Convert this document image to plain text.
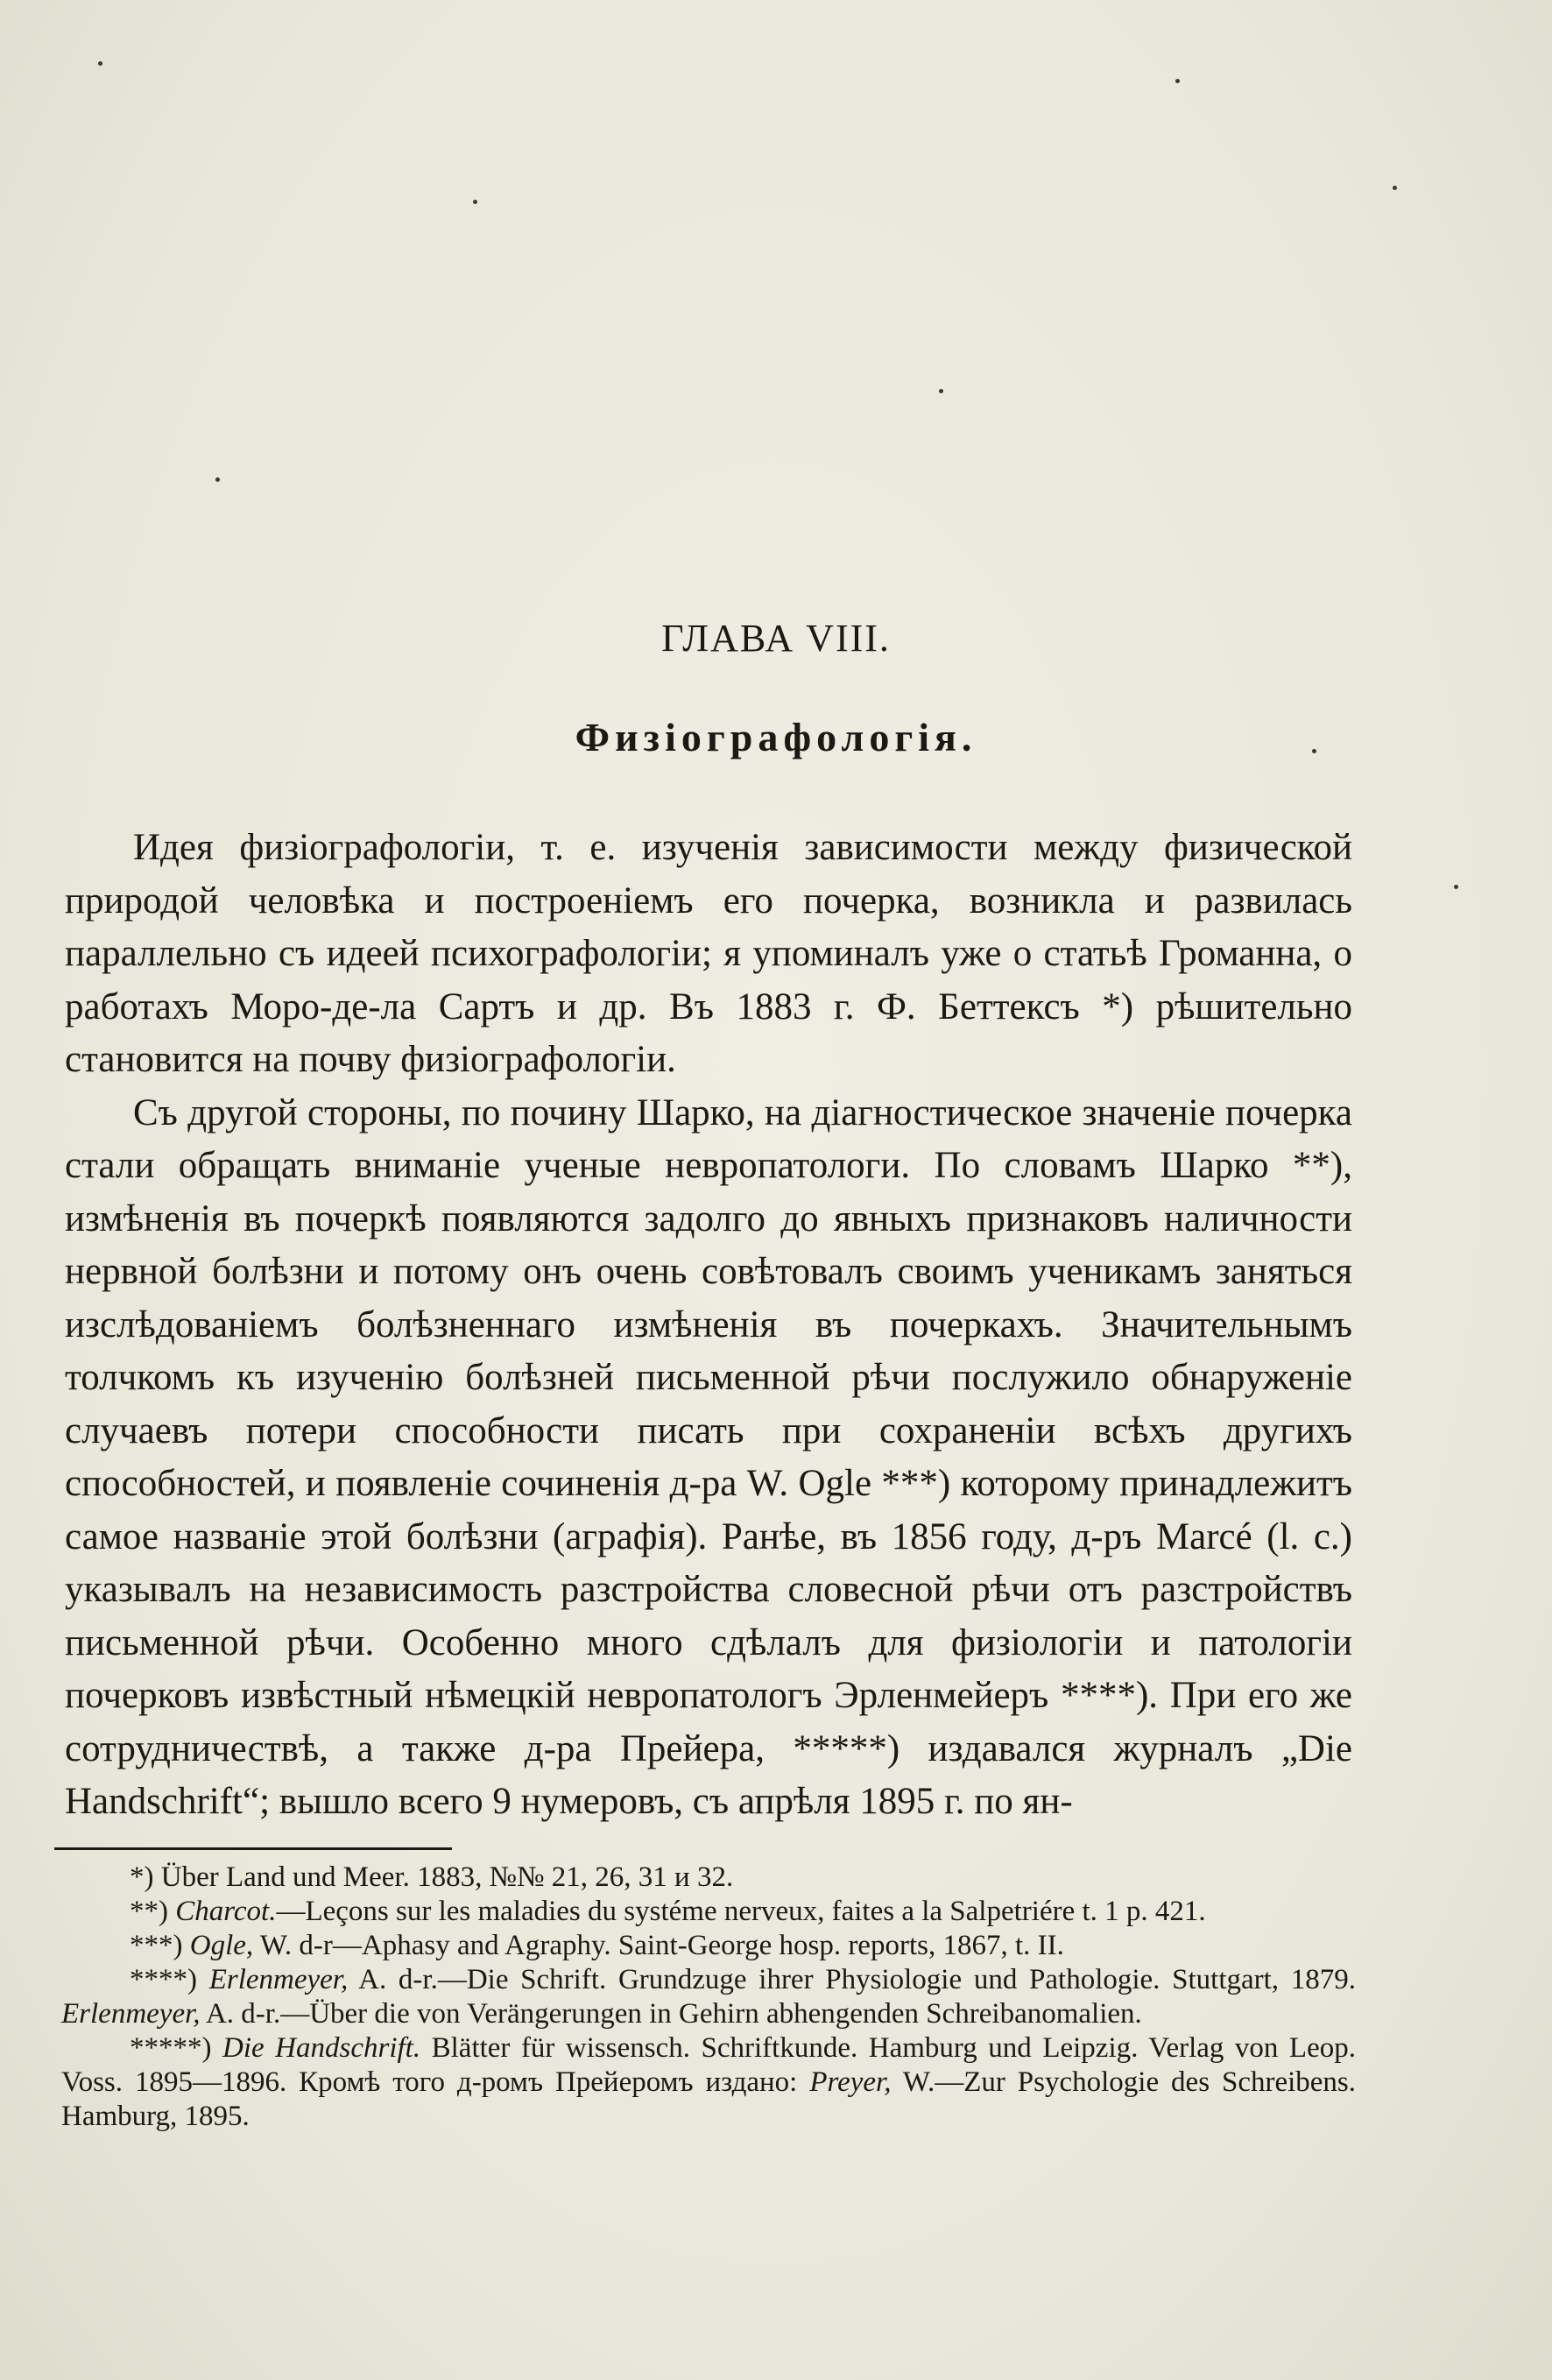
ГЛАВА VIII.
Физiографологiя.

Идея физiографологiи, т. е. изученiя зависимости между физической природой человѣка и построенiемъ его почерка, возникла и развилась параллельно съ идеей психографологiи; я упоминалъ уже о статьѣ Громанна, о работахъ Моро-де-ла Сартъ и др. Въ 1883 г. Ф. Беттексъ *) рѣшительно становится на почву физiографологiи.

Съ другой стороны, по почину Шарко, на дiагностическое значенiе почерка стали обращать вниманiе ученые невропатологи. По словамъ Шарко **), измѣненiя въ почеркѣ появляются задолго до явныхъ признаковъ наличности нервной болѣзни и потому онъ очень совѣтовалъ своимъ ученикамъ заняться изслѣдованiемъ болѣзненнаго измѣненiя въ почеркахъ. Значительнымъ толчкомъ къ изученiю болѣзней письменной рѣчи послужило обнаруженiе случаевъ потери способности писать при сохраненiи всѣхъ другихъ способностей, и появленiе сочиненiя д-ра W. Ogle ***) которому принадлежитъ самое названiе этой болѣзни (аграфiя). Ранѣе, въ 1856 году, д-ръ Marcé (l. c.) указывалъ на независимость разстройства словесной рѣчи отъ разстройствъ письменной рѣчи. Особенно много сдѣлалъ для физiологiи и патологiи почерковъ извѣстный нѣмецкiй невропатологъ Эрленмейеръ ****). При его же сотрудничествѣ, а также д-ра Прейера, *****) издавался журналъ „Die Handschrift“; вышло всего 9 нумеровъ, съ апрѣля 1895 г. по ян-

*) Über Land und Meer. 1883, №№ 21, 26, 31 и 32.

**) Charcot.—Leçons sur les maladies du systéme nerveux, faites a la Salpetriére t. 1 p. 421.

***) Ogle, W. d-r—Aphasy and Agraphy. Saint-George hosp. reports, 1867, t. II.

****) Erlenmeyer, A. d-r.—Die Schrift. Grundzuge ihrer Physiologie und Pathologie. Stuttgart, 1879. Erlenmeyer, A. d-r.—Über die von Verängerungen in Gehirn abhengenden Schreibanomalien.

*****) Die Handschrift. Blätter für wissensch. Schriftkunde. Hamburg und Leipzig. Verlag von Leop. Voss. 1895—1896. Кромѣ того д-ромъ Прейеромъ издано: Preyer, W.—Zur Psychologie des Schreibens. Hamburg, 1895.
